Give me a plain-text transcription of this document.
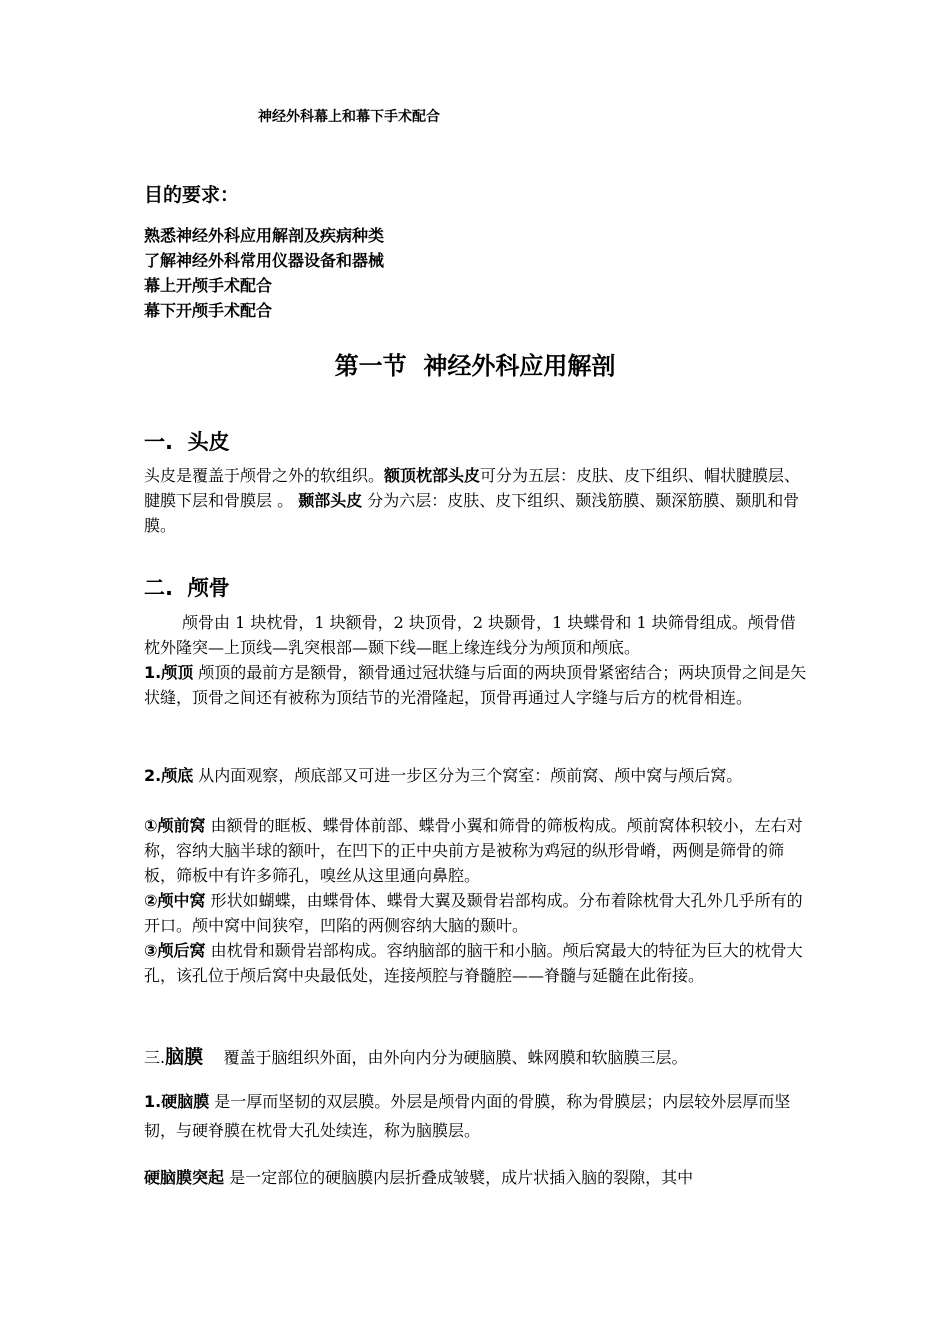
神经外科幕上和幕下手术配合
目的要求：
熟悉神经外科应用解剖及疾病种类
了解神经外科常用仪器设备和器械
幕上开颅手术配合
幕下开颅手术配合
第一节  神经外科应用解剖
一.  头皮
头皮是覆盖于颅骨之外的软组织。额顶枕部头皮可分为五层：皮肤、皮下组织、帽状腱膜层、腱膜下层和骨膜层 。 颞部头皮 分为六层：皮肤、皮下组织、颞浅筋膜、颞深筋膜、颞肌和骨膜。
二.  颅骨
颅骨由 1 块枕骨，1 块额骨，2 块顶骨，2 块颞骨，1 块蝶骨和 1 块筛骨组成。颅骨借枕外隆突—上顶线—乳突根部—颞下线—眶上缘连线分为颅顶和颅底。
1.颅顶 颅顶的最前方是额骨，额骨通过冠状缝与后面的两块顶骨紧密结合；两块顶骨之间是矢状缝，顶骨之间还有被称为顶结节的光滑隆起，顶骨再通过人字缝与后方的枕骨相连。
2.颅底 从内面观察，颅底部又可进一步区分为三个窝室：颅前窝、颅中窝与颅后窝。
①颅前窝 由额骨的眶板、蝶骨体前部、蝶骨小翼和筛骨的筛板构成。颅前窝体积较小，左右对称，容纳大脑半球的额叶，在凹下的正中央前方是被称为鸡冠的纵形骨嵴，两侧是筛骨的筛板，筛板中有许多筛孔，嗅丝从这里通向鼻腔。
②颅中窝 形状如蝴蝶，由蝶骨体、蝶骨大翼及颞骨岩部构成。分布着除枕骨大孔外几乎所有的开口。颅中窝中间狭窄，凹陷的两侧容纳大脑的颞叶。
③颅后窝 由枕骨和颞骨岩部构成。容纳脑部的脑干和小脑。颅后窝最大的特征为巨大的枕骨大孔，该孔位于颅后窝中央最低处，连接颅腔与脊髓腔——脊髓与延髓在此衔接。
三.脑膜    覆盖于脑组织外面，由外向内分为硬脑膜、蛛网膜和软脑膜三层。
1.硬脑膜 是一厚而坚韧的双层膜。外层是颅骨内面的骨膜，称为骨膜层；内层较外层厚而坚韧，与硬脊膜在枕骨大孔处续连，称为脑膜层。
硬脑膜突起 是一定部位的硬脑膜内层折叠成皱襞，成片状插入脑的裂隙，其中
